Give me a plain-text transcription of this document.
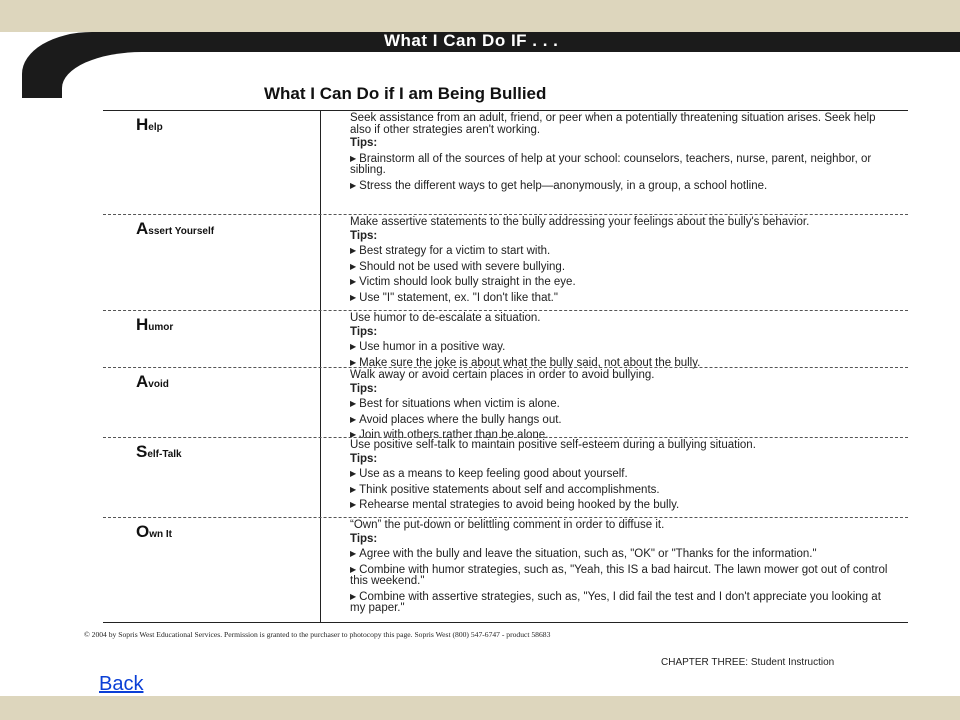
What I Can Do IF . . .
What I Can Do if I am Being Bullied
Help

Seek assistance from an adult, friend, or peer when a potentially threatening situation arises. Seek help also if other strategies aren't working.

Tips:

▶ Brainstorm all of the sources of help at your school: counselors, teachers, nurse, parent, neighbor, or sibling.

▶ Stress the different ways to get help—anonymously, in a group, a school hotline.

Assert Yourself

Make assertive statements to the bully addressing your feelings about the bully's behavior.

Tips:

▶ Best strategy for a victim to start with.

▶ Should not be used with severe bullying.

▶ Victim should look bully straight in the eye.

▶ Use "I" statement, ex. "I don't like that."

Humor

Use humor to de-escalate a situation.

Tips:

▶ Use humor in a positive way.

▶ Make sure the joke is about what the bully said, not about the bully.

Avoid

Walk away or avoid certain places in order to avoid bullying.

Tips:

▶ Best for situations when victim is alone.

▶ Avoid places where the bully hangs out.

▶ Join with others rather than be alone.

Self-Talk

Use positive self-talk to maintain positive self-esteem during a bullying situation.

Tips:

▶ Use as a means to keep feeling good about yourself.

▶ Think positive statements about self and accomplishments.

▶ Rehearse mental strategies to avoid being hooked by the bully.

Own It

“Own” the put-down or belittling comment in order to diffuse it.

Tips:

▶ Agree with the bully and leave the situation, such as, "OK" or "Thanks for the information."

▶ Combine with humor strategies, such as, "Yeah, this IS a bad haircut. The lawn mower got out of control this weekend."

▶ Combine with assertive strategies, such as, "Yes, I did fail the test and I don't appreciate you looking at my paper."

© 2004 by Sopris West Educational Services. Permission is granted to the purchaser to photocopy this page. Sopris West (800) 547-6747 - product 58683
CHAPTER THREE: Student Instruction
Back
